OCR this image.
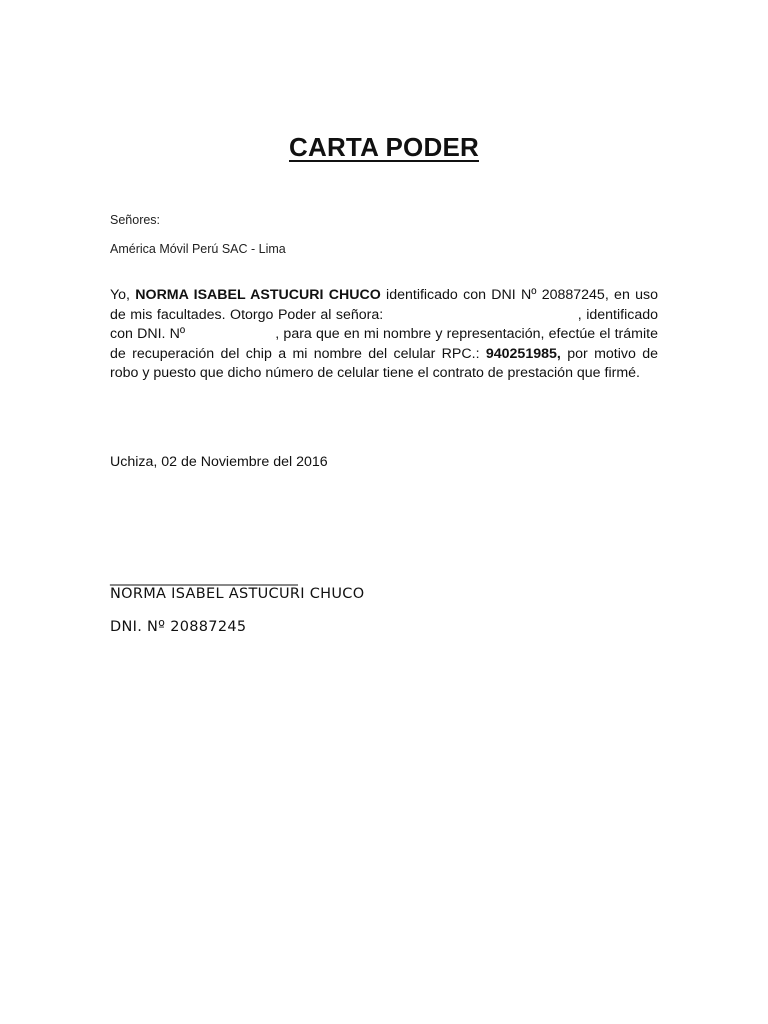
CARTA PODER
Señores:
América Móvil Perú SAC - Lima
Yo, NORMA ISABEL ASTUCURI CHUCO identificado con DNI Nº 20887245, en uso de mis facultades. Otorgo Poder al señora:	, identificado con DNI. Nº	, para que en mi nombre y representación, efectúe el trámite de recuperación del chip a mi nombre del celular RPC.: 940251985, por motivo de robo y puesto que dicho número de celular tiene el contrato de prestación que firmé.
Uchiza, 02 de Noviembre del 2016
____________________________
NORMA ISABEL ASTUCURI CHUCO
DNI. Nº 20887245
